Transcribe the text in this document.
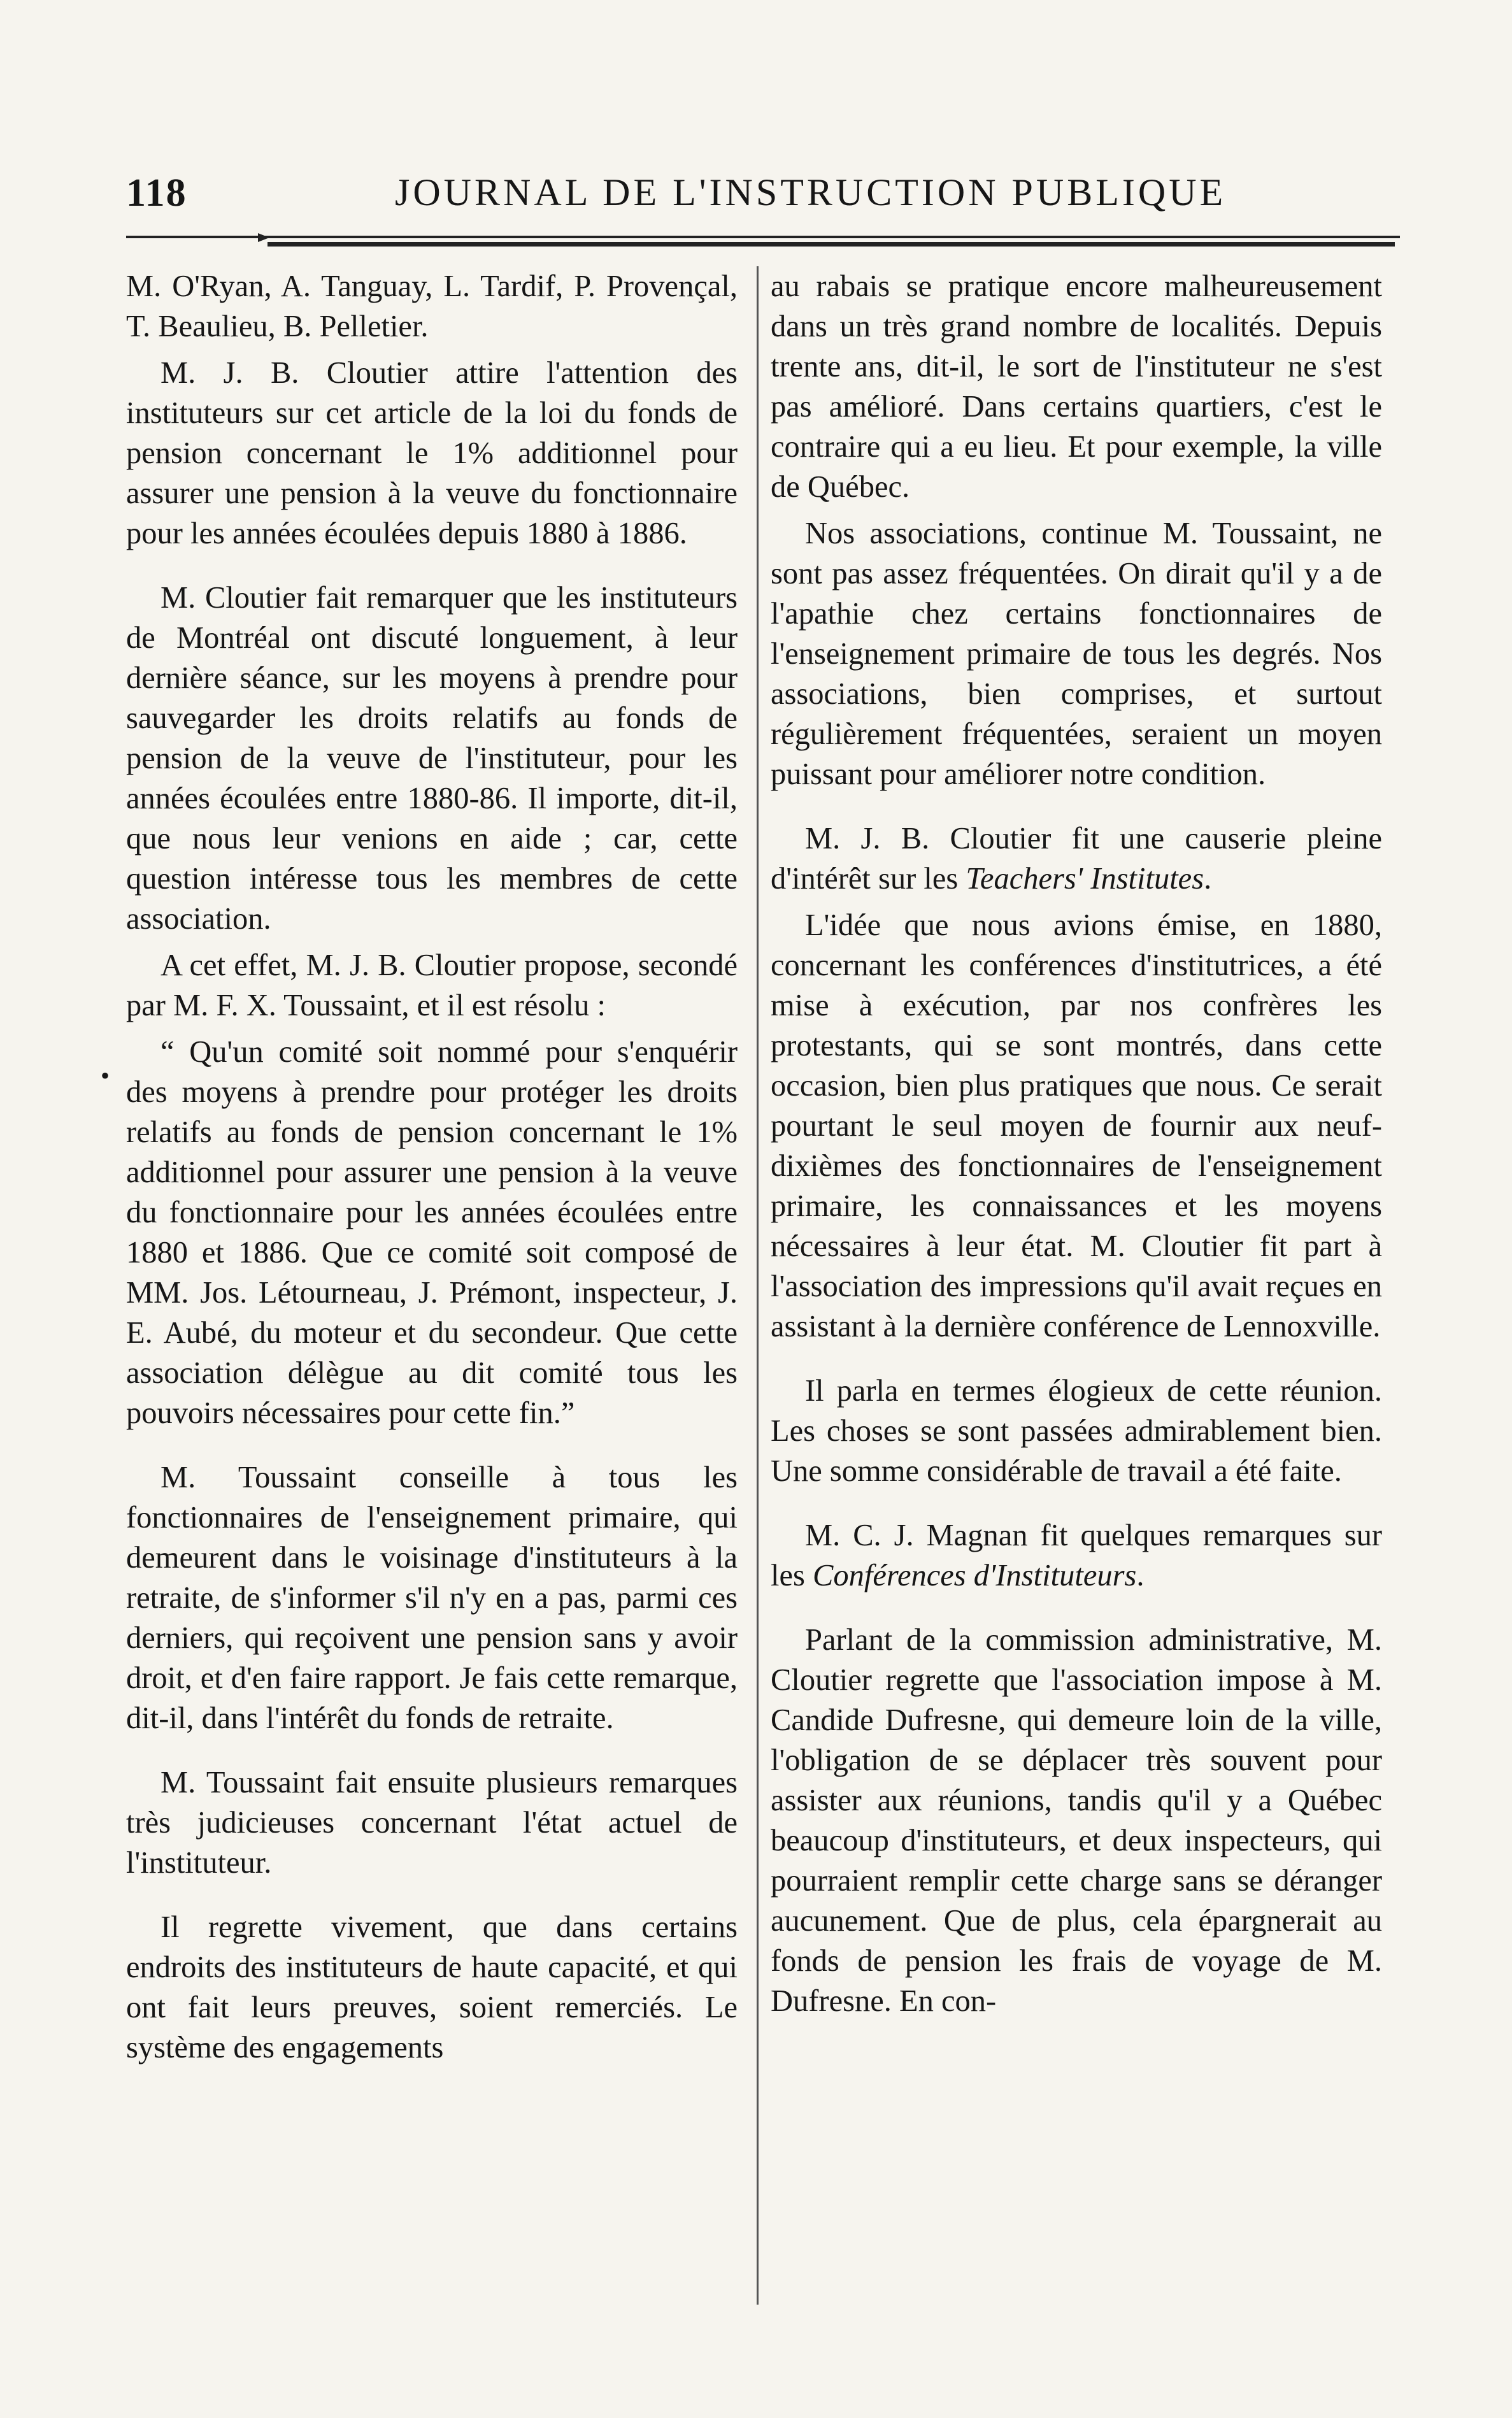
118	JOURNAL DE L'INSTRUCTION PUBLIQUE
•

M. O'Ryan, A. Tanguay, L. Tardif, P. Provençal, T. Beaulieu, B. Pelletier.

M. J. B. Cloutier attire l'attention des instituteurs sur cet article de la loi du fonds de pension concernant le 1% additionnel pour assurer une pension à la veuve du fonctionnaire pour les années écoulées depuis 1880 à 1886.

M. Cloutier fait remarquer que les instituteurs de Montréal ont discuté longuement, à leur dernière séance, sur les moyens à prendre pour sauvegarder les droits relatifs au fonds de pension de la veuve de l'instituteur, pour les années écoulées entre 1880-86. Il importe, dit-il, que nous leur venions en aide ; car, cette question intéresse tous les membres de cette association.

A cet effet, M. J. B. Cloutier propose, secondé par M. F. X. Toussaint, et il est résolu :

“ Qu'un comité soit nommé pour s'enquérir des moyens à prendre pour protéger les droits relatifs au fonds de pension concernant le 1% additionnel pour assurer une pension à la veuve du fonctionnaire pour les années écoulées entre 1880 et 1886. Que ce comité soit composé de MM. Jos. Létourneau, J. Prémont, inspecteur, J. E. Aubé, du moteur et du secondeur. Que cette association délègue au dit comité tous les pouvoirs nécessaires pour cette fin.”

M. Toussaint conseille à tous les fonctionnaires de l'enseignement primaire, qui demeurent dans le voisinage d'instituteurs à la retraite, de s'informer s'il n'y en a pas, parmi ces derniers, qui reçoivent une pension sans y avoir droit, et d'en faire rapport. Je fais cette remarque, dit-il, dans l'intérêt du fonds de retraite.

M. Toussaint fait ensuite plusieurs remarques très judicieuses concernant l'état actuel de l'instituteur.

Il regrette vivement, que dans certains endroits des instituteurs de haute capacité, et qui ont fait leurs preuves, soient remerciés. Le système des engagements

au rabais se pratique encore malheureusement dans un très grand nombre de localités. Depuis trente ans, dit-il, le sort de l'instituteur ne s'est pas amélioré. Dans certains quartiers, c'est le contraire qui a eu lieu. Et pour exemple, la ville de Québec.

Nos associations, continue M. Toussaint, ne sont pas assez fréquentées. On dirait qu'il y a de l'apathie chez certains fonctionnaires de l'enseignement primaire de tous les degrés. Nos associations, bien comprises, et surtout régulièrement fréquentées, seraient un moyen puissant pour améliorer notre condition.

M. J. B. Cloutier fit une causerie pleine d'intérêt sur les Teachers' Institutes.

L'idée que nous avions émise, en 1880, concernant les conférences d'institutrices, a été mise à exécution, par nos confrères les protestants, qui se sont montrés, dans cette occasion, bien plus pratiques que nous. Ce serait pourtant le seul moyen de fournir aux neuf-dixièmes des fonctionnaires de l'enseignement primaire, les connaissances et les moyens nécessaires à leur état. M. Cloutier fit part à l'association des impressions qu'il avait reçues en assistant à la dernière conférence de Lennoxville.

Il parla en termes élogieux de cette réunion. Les choses se sont passées admirablement bien. Une somme considérable de travail a été faite.

M. C. J. Magnan fit quelques remarques sur les Conférences d'Instituteurs.

Parlant de la commission administrative, M. Cloutier regrette que l'association impose à M. Candide Dufresne, qui demeure loin de la ville, l'obligation de se déplacer très souvent pour assister aux réunions, tandis qu'il y a Québec beaucoup d'instituteurs, et deux inspecteurs, qui pourraient remplir cette charge sans se déranger aucunement. Que de plus, cela épargnerait au fonds de pension les frais de voyage de M. Dufresne. En con-
